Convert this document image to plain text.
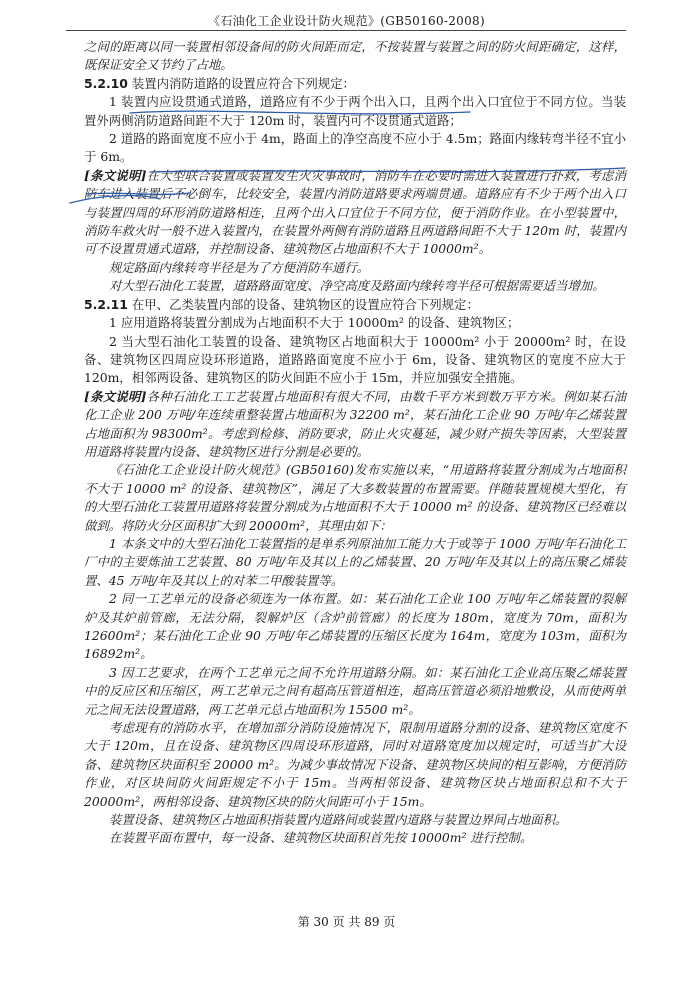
《石油化工企业设计防火规范》(GB50160-2008)

之间的距离以同一装置相邻设备间的防火间距而定，不按装置与装置之间的防火间距确定，这样，既保证安全又节约了占地。

5.2.10 装置内消防道路的设置应符合下列规定：

1 装置内应设贯通式道路，道路应有不少于两个出入口，且两个出入口宜位于不同方位。当装置外两侧消防道路间距不大于 120m 时，装置内可不设贯通式道路；

2 道路的路面宽度不应小于 4m，路面上的净空高度不应小于 4.5m；路面内缘转弯半径不宜小于 6m。

[条文说明]在大型联合装置或装置发生火灾事故时，消防车在必要时需进入装置进行扑救，考虑消防车进入装置后不必倒车，比较安全，装置内消防道路要求两端贯通。道路应有不少于两个出入口与装置四周的环形消防道路相连，且两个出入口宜位于不同方位，便于消防作业。在小型装置中，消防车救火时一般不进入装置内，在装置外两侧有消防道路且两道路间距不大于 120m 时，装置内可不设置贯通式道路，并控制设备、建筑物区占地面积不大于 10000m²。

规定路面内缘转弯半径是为了方便消防车通行。

对大型石油化工装置，道路路面宽度、净空高度及路面内缘转弯半径可根据需要适当增加。

5.2.11 在甲、乙类装置内部的设备、建筑物区的设置应符合下列规定：

1 应用道路将装置分割成为占地面积不大于 10000m² 的设备、建筑物区；

2 当大型石油化工装置的设备、建筑物区占地面积大于 10000m² 小于 20000m² 时，在设备、建筑物区四周应设环形道路，道路路面宽度不应小于 6m，设备、建筑物区的宽度不应大于 120m，相邻两设备、建筑物区的防火间距不应小于 15m，并应加强安全措施。

[条文说明]各种石油化工工艺装置占地面积有很大不同，由数千平方米到数万平方米。例如某石油化工企业 200 万吨/年连续重整装置占地面积为 32200 m²，某石油化工企业 90 万吨/年乙烯装置占地面积为 98300m²。考虑到检修、消防要求，防止火灾蔓延，减少财产损失等因素，大型装置用道路将装置内设备、建筑物区进行分割是必要的。

《石油化工企业设计防火规范》(GB50160)发布实施以来，“用道路将装置分割成为占地面积不大于 10000 m² 的设备、建筑物区”，满足了大多数装置的布置需要。伴随装置规模大型化，有的大型石油化工装置用道路将装置分割成为占地面积不大于 10000 m² 的设备、建筑物区已经难以做到。将防火分区面积扩大到 20000m²，其理由如下：

1 本条文中的大型石油化工装置指的是单系列原油加工能力大于或等于 1000 万吨/年石油化工厂中的主要炼油工艺装置、80 万吨/年及其以上的乙烯装置、20 万吨/年及其以上的高压聚乙烯装置、45 万吨/年及其以上的对苯二甲酸装置等。

2 同一工艺单元的设备必须连为一体布置。如：某石油化工企业 100 万吨/年乙烯装置的裂解炉及其炉前管廊，无法分隔，裂解炉区（含炉前管廊）的长度为 180m，宽度为 70m，面积为 12600m²；某石油化工企业 90 万吨/年乙烯装置的压缩区长度为 164m，宽度为 103m，面积为 16892m²。

3 因工艺要求，在两个工艺单元之间不允许用道路分隔。如：某石油化工企业高压聚乙烯装置中的反应区和压缩区，两工艺单元之间有超高压管道相连，超高压管道必须沿地敷设，从而使两单元之间无法设置道路，两工艺单元总占地面积为 15500 m²。

考虑现有的消防水平，在增加部分消防设施情况下，限制用道路分割的设备、建筑物区宽度不大于 120m，且在设备、建筑物区四周设环形道路，同时对道路宽度加以规定时，可适当扩大设备、建筑物区块面积至 20000 m²。为减少事故情况下设备、建筑物区块间的相互影响，方便消防作业，对区块间防火间距规定不小于 15m。当两相邻设备、建筑物区块占地面积总和不大于 20000m²，两相邻设备、建筑物区块的防火间距可小于 15m。

装置设备、建筑物区占地面积指装置内道路间或装置内道路与装置边界间占地面积。

在装置平面布置中，每一设备、建筑物区块面积首先按 10000m² 进行控制。

第 30 页 共 89 页
